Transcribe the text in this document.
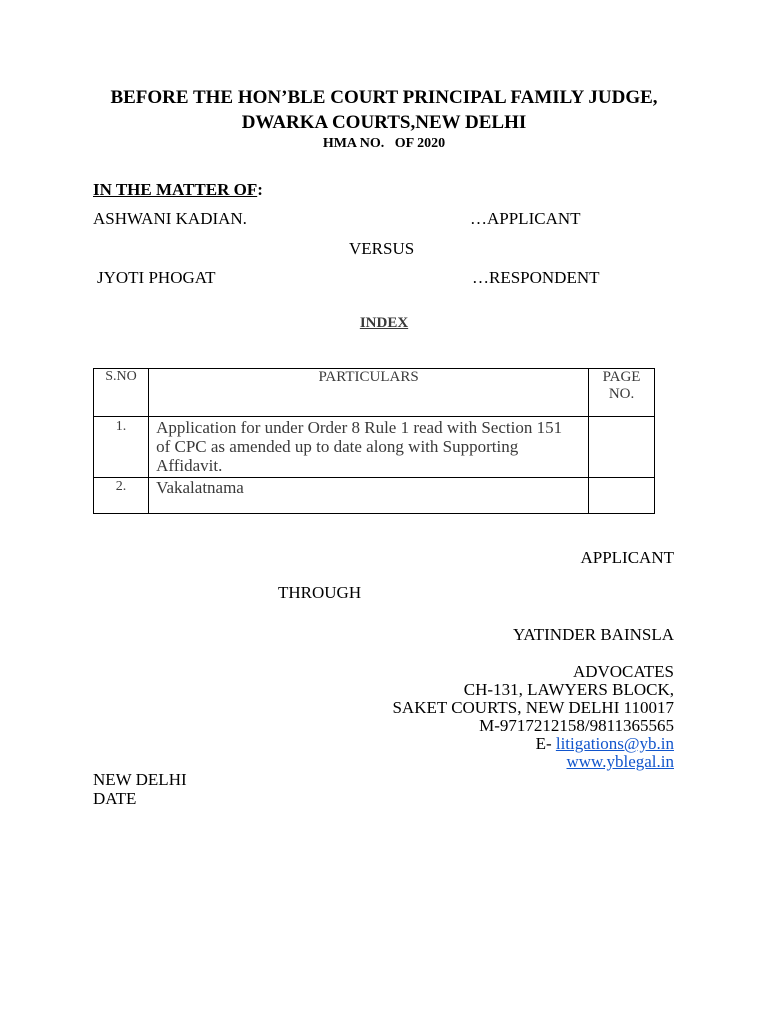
BEFORE THE HON’BLE COURT PRINCIPAL FAMILY JUDGE,
DWARKA COURTS,NEW DELHI
HMA NO.   OF 2020
IN THE MATTER OF:
ASHWANI KADIAN.	…APPLICANT
VERSUS
JYOTI PHOGAT	…RESPONDENT
INDEX
S.NO	PARTICULARS	PAGE NO.
1.	Application for under Order 8 Rule 1 read with Section 151 of CPC as amended up to date along with Supporting Affidavit.	
2.	Vakalatnama	
APPLICANT
THROUGH
YATINDER BAINSLA
ADVOCATES
CH-131, LAWYERS BLOCK,
SAKET COURTS, NEW DELHI 110017
M-9717212158/9811365565
E- litigations@yb.in
www.yblegal.in
NEW DELHI
DATE
